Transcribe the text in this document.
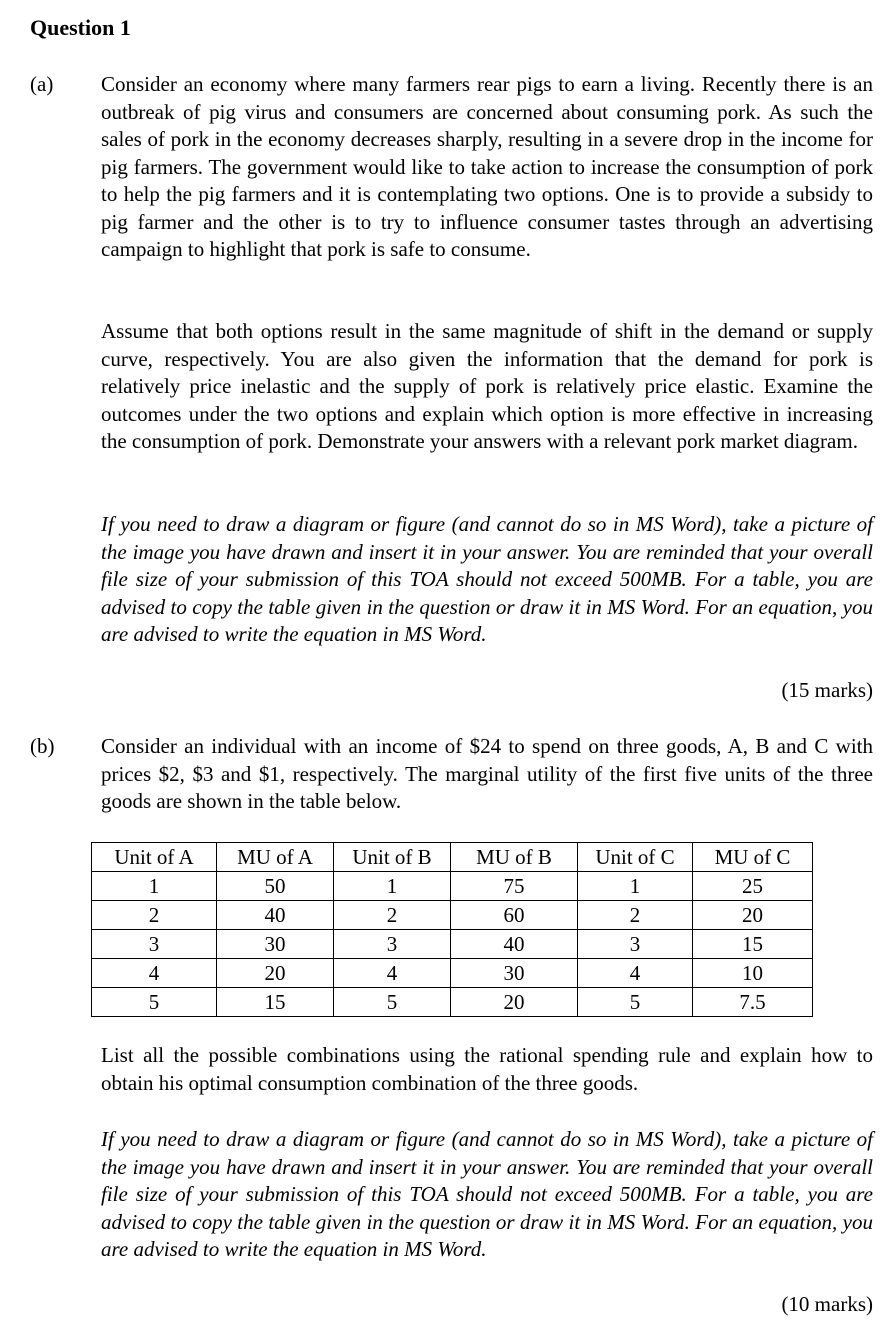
Question 1
(a) Consider an economy where many farmers rear pigs to earn a living. Recently there is an outbreak of pig virus and consumers are concerned about consuming pork. As such the sales of pork in the economy decreases sharply, resulting in a severe drop in the income for pig farmers. The government would like to take action to increase the consumption of pork to help the pig farmers and it is contemplating two options. One is to provide a subsidy to pig farmer and the other is to try to influence consumer tastes through an advertising campaign to highlight that pork is safe to consume.
Assume that both options result in the same magnitude of shift in the demand or supply curve, respectively. You are also given the information that the demand for pork is relatively price inelastic and the supply of pork is relatively price elastic. Examine the outcomes under the two options and explain which option is more effective in increasing the consumption of pork. Demonstrate your answers with a relevant pork market diagram.
If you need to draw a diagram or figure (and cannot do so in MS Word), take a picture of the image you have drawn and insert it in your answer. You are reminded that your overall file size of your submission of this TOA should not exceed 500MB. For a table, you are advised to copy the table given in the question or draw it in MS Word. For an equation, you are advised to write the equation in MS Word.
(15 marks)
(b) Consider an individual with an income of $24 to spend on three goods, A, B and C with prices $2, $3 and $1, respectively. The marginal utility of the first five units of the three goods are shown in the table below.
Unit of A	MU of A	Unit of B	MU of B	Unit of C	MU of C
1	50	1	75	1	25
2	40	2	60	2	20
3	30	3	40	3	15
4	20	4	30	4	10
5	15	5	20	5	7.5
List all the possible combinations using the rational spending rule and explain how to obtain his optimal consumption combination of the three goods.
If you need to draw a diagram or figure (and cannot do so in MS Word), take a picture of the image you have drawn and insert it in your answer. You are reminded that your overall file size of your submission of this TOA should not exceed 500MB. For a table, you are advised to copy the table given in the question or draw it in MS Word. For an equation, you are advised to write the equation in MS Word.
(10 marks)
